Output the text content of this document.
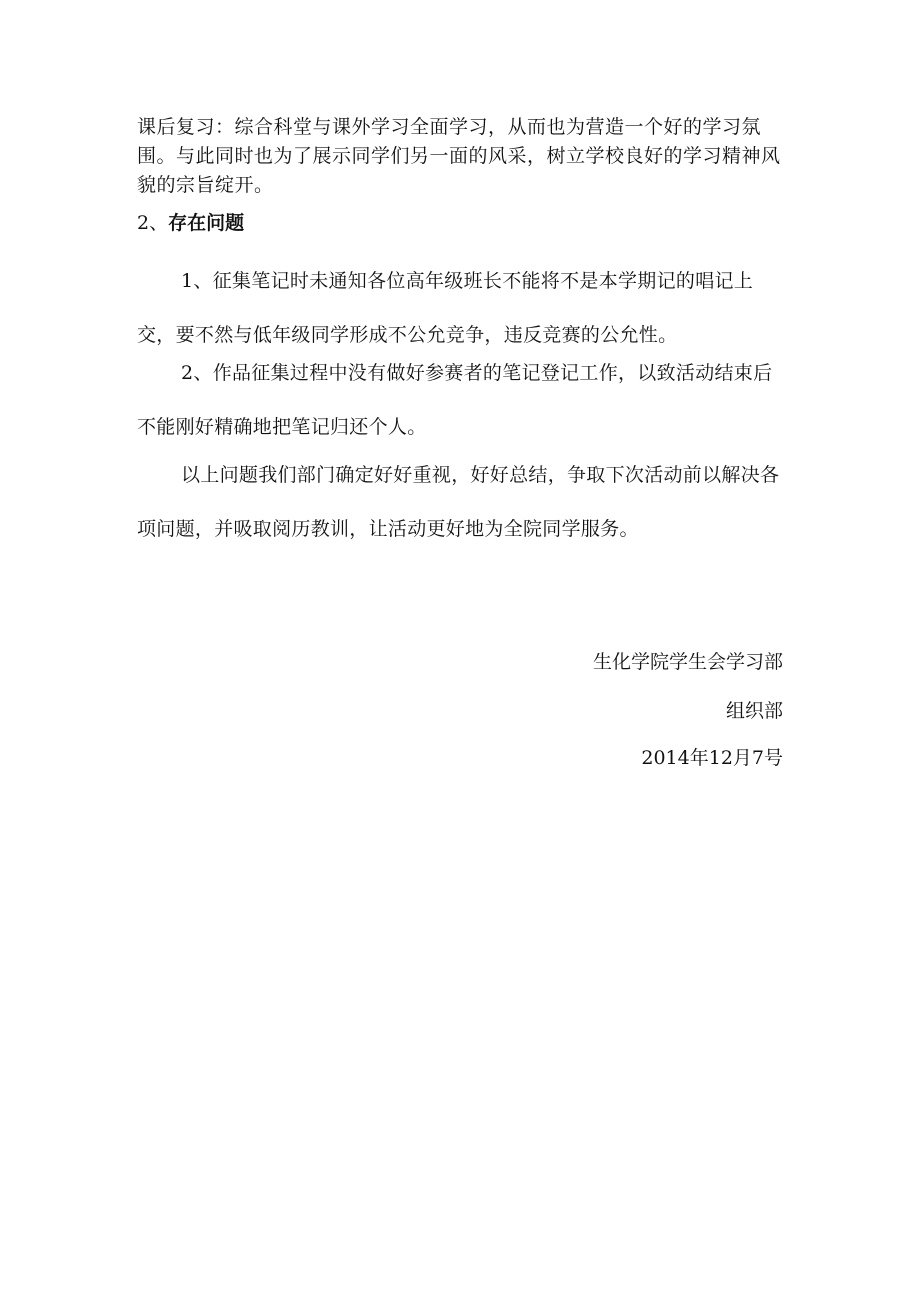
课后复习：综合科堂与课外学习全面学习，从而也为营造一个好的学习氛围。与此同时也为了展示同学们另一面的风采，树立学校良好的学习精神风貌的宗旨绽开。

2、存在问题

1、征集笔记时未通知各位高年级班长不能将不是本学期记的唱记上交，要不然与低年级同学形成不公允竞争，违反竞赛的公允性。

2、作品征集过程中没有做好参赛者的笔记登记工作，以致活动结束后不能刚好精确地把笔记归还个人。

以上问题我们部门确定好好重视，好好总结，争取下次活动前以解决各项问题，并吸取阅历教训，让活动更好地为全院同学服务。

生化学院学生会学习部

组织部

2014年12月7号
